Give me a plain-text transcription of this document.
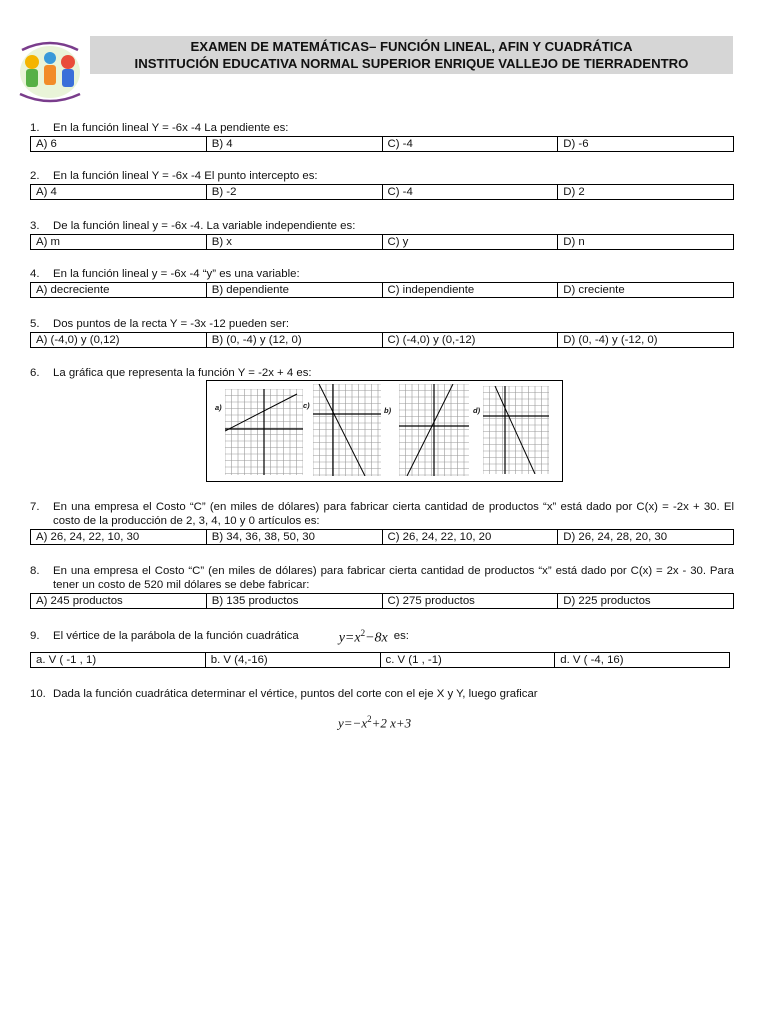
EXAMEN DE MATEMÁTICAS– FUNCIÓN LINEAL, AFIN Y CUADRÁTICA
INSTITUCIÓN EDUCATIVA NORMAL SUPERIOR ENRIQUE VALLEJO DE TIERRADENTRO
1.	En la función lineal Y = -6x -4 La pendiente es:
A) 6	B) 4	C) -4	D) -6
2.	En la función lineal Y = -6x -4 El punto intercepto es:
A) 4	B) -2	C) -4	D) 2
3.	De la función lineal y = -6x -4. La variable independiente es:
A) m	B) x	C) y	D) n
4.	En la función lineal y = -6x -4 “y” es una variable:
A) decreciente	B) dependiente	C) independiente	D) creciente
5.	Dos puntos de la recta Y = -3x -12 pueden ser:
A) (-4,0) y (0,12)	B) (0, -4) y (12, 0)	C) (-4,0) y (0,-12)	D) (0, -4) y (-12, 0)
6.	La gráfica que representa la función Y = -2x + 4 es:
a)	c)
b)	d)
7.	En una empresa el Costo “C” (en miles de dólares) para fabricar cierta cantidad de productos “x” está dado por C(x) = -2x + 30. El costo de la producción de 2, 3, 4, 10 y 0 artículos es:
A) 26, 24, 22, 10, 30	B) 34, 36, 38, 50, 30	C) 26, 24, 22, 10, 20	D) 26, 24, 28, 20, 30
8.	En una empresa el Costo “C” (en miles de dólares) para fabricar cierta cantidad de productos “x” está dado por C(x) = 2x - 30. Para tener un costo de 520 mil dólares se debe fabricar:
A) 245 productos	B) 135 productos	C) 275 productos	D) 225 productos
9.	El vértice de la parábola de la función cuadrática	$y=x^2-8x$ es:
a. V ( -1 , 1)	b. V (4,-16)	c. V (1 , -1)	d. V ( -4, 16)
10. Dada la función cuadrática determinar el vértice, puntos del corte con el eje X y Y, luego graficar
$y=-x^2+2$ x+3
